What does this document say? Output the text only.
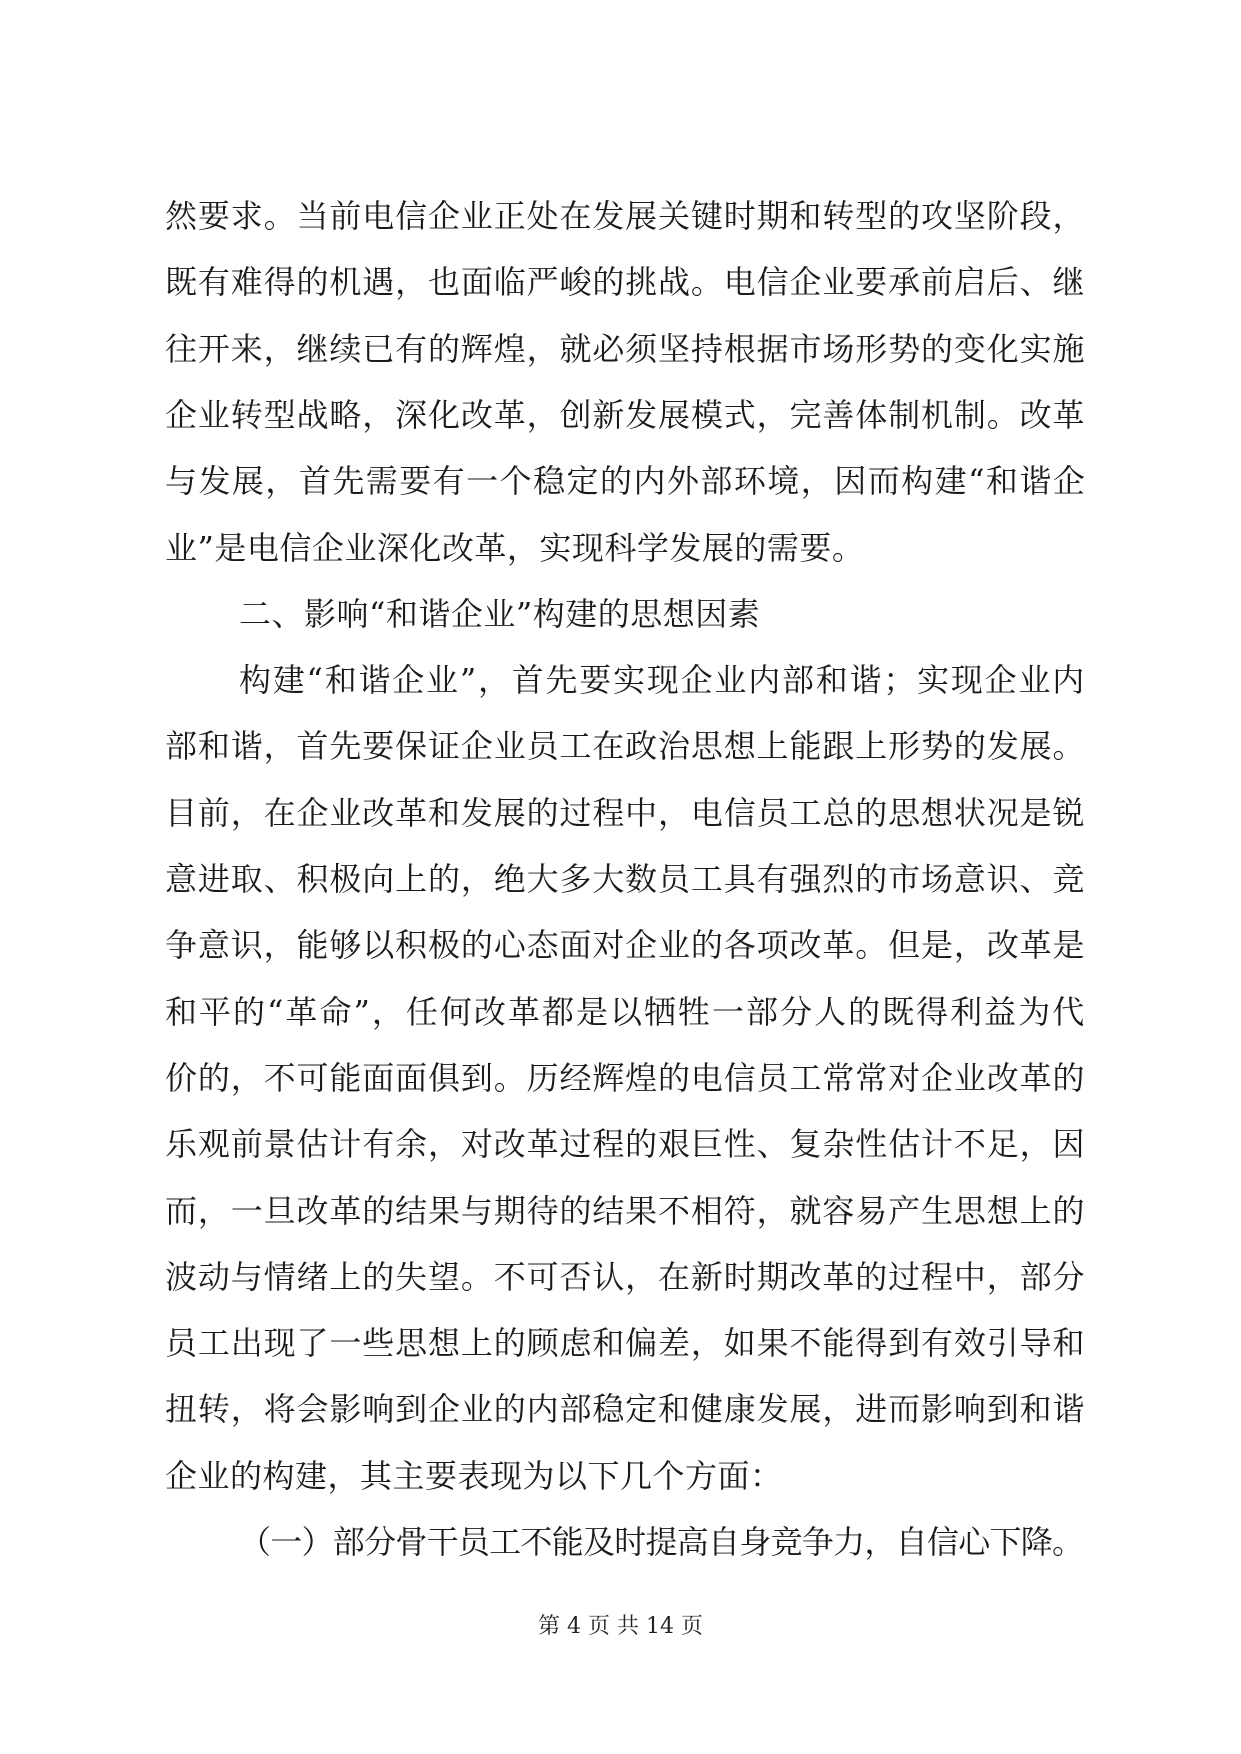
然要求。当前电信企业正处在发展关键时期和转型的攻坚阶段，
既有难得的机遇，也面临严峻的挑战。电信企业要承前启后、继
往开来，继续已有的辉煌，就必须坚持根据市场形势的变化实施
企业转型战略，深化改革，创新发展模式，完善体制机制。改革
与发展，首先需要有一个稳定的内外部环境，因而构建“和谐企
业”是电信企业深化改革，实现科学发展的需要。
二、影响“和谐企业”构建的思想因素
构建“和谐企业”，首先要实现企业内部和谐；实现企业内
部和谐，首先要保证企业员工在政治思想上能跟上形势的发展。
目前，在企业改革和发展的过程中，电信员工总的思想状况是锐
意进取、积极向上的，绝大多大数员工具有强烈的市场意识、竞
争意识，能够以积极的心态面对企业的各项改革。但是，改革是
和平的“革命”，任何改革都是以牺牲一部分人的既得利益为代
价的，不可能面面俱到。历经辉煌的电信员工常常对企业改革的
乐观前景估计有余，对改革过程的艰巨性、复杂性估计不足，因
而，一旦改革的结果与期待的结果不相符，就容易产生思想上的
波动与情绪上的失望。不可否认，在新时期改革的过程中，部分
员工出现了一些思想上的顾虑和偏差，如果不能得到有效引导和
扭转，将会影响到企业的内部稳定和健康发展，进而影响到和谐
企业的构建，其主要表现为以下几个方面：
（一）部分骨干员工不能及时提高自身竞争力，自信心下降。
第 4 页 共 14 页
